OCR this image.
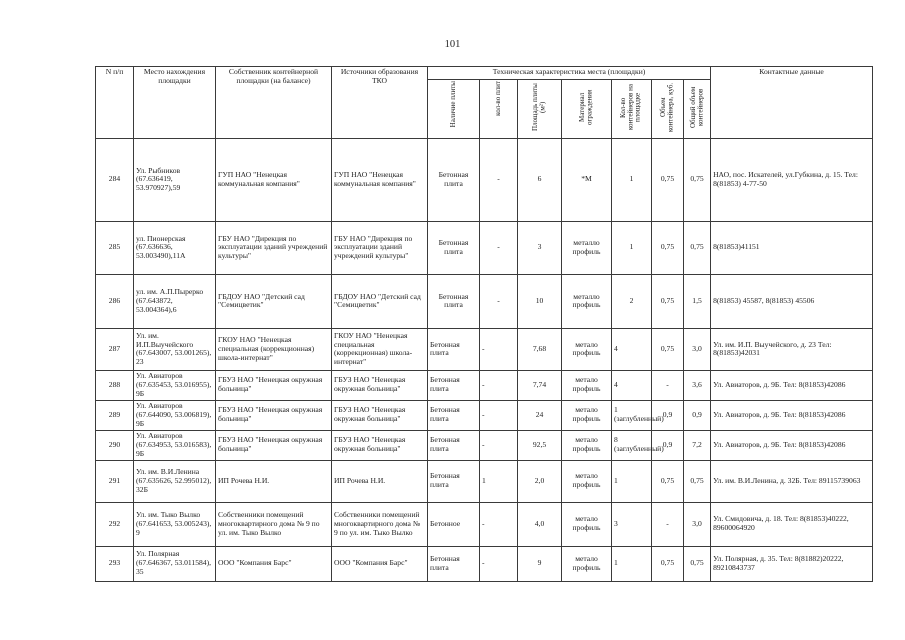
101
N п/п	Место нахождения площадки	Собственник контейнерной площадки (на балансе)	Источники образования ТКО	Техническая характеристика места (площадки)							Контактные данные
				Наличие плиты	кол-во плит	Площадь плиты (м²)	Материал ограждения	Кол-во контейнеров на площадке	Объем контейнера, куб.	Общий объем контейнеров	
284	Ул. Рыбников (67.636419, 53.970927),59	ГУП НАО "Ненецкая коммунальная компания"	ГУП НАО "Ненецкая коммунальная компания"	Бетонная плита	-	6	*М	1	0,75	0,75	НАО, пос. Искателей, ул.Губкина, д. 15. Тел: 8(81853) 4-77-50
285	ул. Пионерская (67.636636, 53.003490),11А	ГБУ НАО "Дирекция по эксплуатации зданий учреждений культуры"	ГБУ НАО "Дирекция по эксплуатации зданий учреждений культуры"	Бетонная плита	-	3	металло профиль	1	0,75	0,75	8(81853)41151
286	ул. им. А.П.Пырерко (67.643872, 53.004364),6	ГБДОУ НАО "Детский сад "Семицветик"	ГБДОУ НАО "Детский сад "Семицветик"	Бетонная плита	-	10	металло профиль	2	0,75	1,5	8(81853) 45587, 8(81853) 45506
287	Ул. им. И.П.Выучейского (67.643007, 53.001265), 23	ГКОУ НАО "Ненецкая специальная (коррекционная) школа-интернат"	ГКОУ НАО "Ненецкая специальная (коррекционная) школа-интернат"	Бетонная плита	-	7,68	метало профиль	4	0,75	3,0	Ул. им. И.П. Выучейского, д. 23 Тел: 8(81853)42031
288	Ул. Авиаторов (67.635453, 53.016955), 9Б	ГБУЗ НАО "Ненецкая окружная больница"	ГБУЗ НАО "Ненецкая окружная больница"	Бетонная плита	-	7,74	метало профиль	4	-	3,6	Ул. Авиаторов, д. 9Б. Тел: 8(81853)42086
289	Ул. Авиаторов (67.644090, 53.006819), 9Б	ГБУЗ НАО "Ненецкая окружная больница"	ГБУЗ НАО "Ненецкая окружная больница"	Бетонная плита	-	24	метало профиль	1 (заглубленный)	0,9	0,9	Ул. Авиаторов, д. 9Б. Тел: 8(81853)42086
290	Ул. Авиаторов (67.634953, 53.016583), 9Б	ГБУЗ НАО "Ненецкая окружная больница"	ГБУЗ НАО "Ненецкая окружная больница"	Бетонная плита	-	92,5	метало профиль	8 (заглубленный)	0,9	7,2	Ул. Авиаторов, д. 9Б. Тел: 8(81853)42086
291	Ул. им. В.И.Ленина (67.635626, 52.995012), 32Б	ИП Рочева Н.И.	ИП Рочева Н.И.	Бетонная плита	1	2,0	метало профиль	1	0,75	0,75	Ул. им. В.И.Ленина, д. 32Б. Тел: 89115739063
292	Ул. им. Тыко Вылко (67.641653, 53.005243), 9	Собственники помещений многоквартирного дома № 9 по ул. им. Тыко Вылко	Собственники помещений многоквартирного дома № 9 по ул. им. Тыко Вылко	Бетонное	-	4,0	метало профиль	3	-	3,0	Ул. Смидовича, д. 18. Тел: 8(81853)40222, 89600064920
293	Ул. Полярная (67.646367, 53.011584), 35	ООО "Компания Барс"	ООО "Компания Барс"	Бетонная плита	-	9	метало профиль	1	0,75	0,75	Ул. Полярная, д. 35. Тел: 8(81882)20222, 89210843737
